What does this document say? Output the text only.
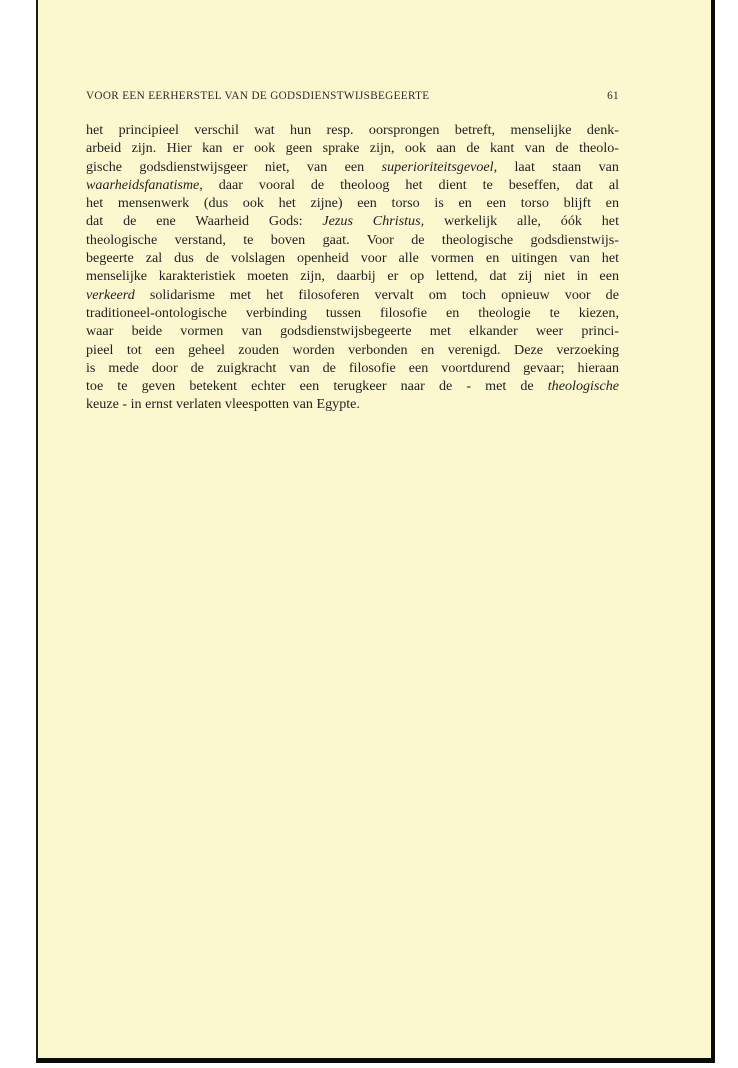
VOOR EEN EERHERSTEL VAN DE GODSDIENSTWIJSBEGEERTE	61
het principieel verschil wat hun resp. oorsprongen betreft, menselijke denk-
arbeid zijn. Hier kan er ook geen sprake zijn, ook aan de kant van de theolo-
gische godsdienstwijsgeer niet, van een superioriteitsgevoel, laat staan van
waarheidsfanatisme, daar vooral de theoloog het dient te beseffen, dat al
het mensenwerk (dus ook het zijne) een torso is en een torso blijft en
dat de ene Waarheid Gods: Jezus Christus, werkelijk alle, óók het
theologische verstand, te boven gaat. Voor de theologische godsdienstwijs-
begeerte zal dus de volslagen openheid voor alle vormen en uitingen van het
menselijke karakteristiek moeten zijn, daarbij er op lettend, dat zij niet in een
verkeerd solidarisme met het filosoferen vervalt om toch opnieuw voor de
traditioneel-ontologische verbinding tussen filosofie en theologie te kiezen,
waar beide vormen van godsdienstwijsbegeerte met elkander weer princi-
pieel tot een geheel zouden worden verbonden en verenigd. Deze verzoeking
is mede door de zuigkracht van de filosofie een voortdurend gevaar; hieraan
toe te geven betekent echter een terugkeer naar de - met de theologische
keuze - in ernst verlaten vleespotten van Egypte.
